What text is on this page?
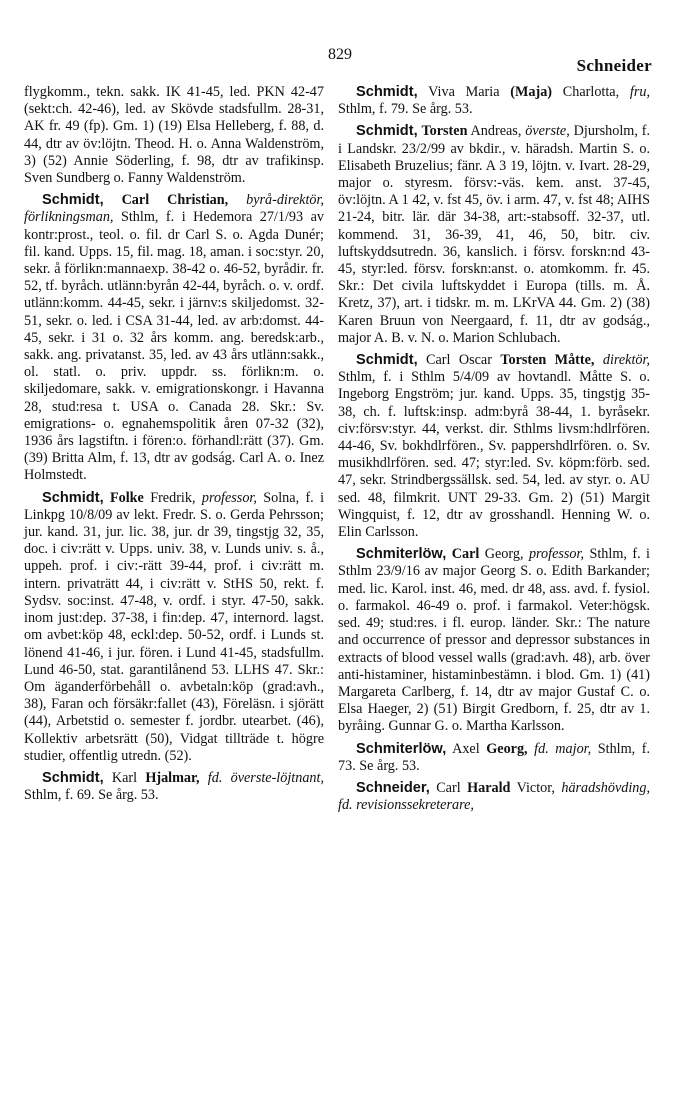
829
Schneider

flygkomm., tekn. sakk. IK 41-45, led. PKN 42-47 (sekt:ch. 42-46), led. av Skövde stadsfullm. 28-31, AK fr. 49 (fp). Gm. 1) (19) Elsa Helleberg, f. 88, d. 44, dtr av öv:löjtn. Theod. H. o. Anna Waldenström, 3) (52) Annie Söderling, f. 98, dtr av trafikinsp. Sven Sundberg o. Fanny Waldenström.

Schmidt, Carl Christian, byrå-direktör, förlikningsman, Sthlm, f. i Hedemora 27/1/93 av kontr:prost., teol. o. fil. dr Carl S. o. Agda Dunér; fil. kand. Upps. 15, fil. mag. 18, aman. i soc:styr. 20, sekr. å förlikn:mannaexp. 38-42 o. 46-52, byrådir. fr. 52, tf. byråch. utlänn:byrån 42-44, byråch. o. v. ordf. utlänn:komm. 44-45, sekr. i järnv:s skiljedomst. 32-51, sekr. o. led. i CSA 31-44, led. av arb:domst. 44-45, sekr. i 31 o. 32 års komm. ang. beredsk:arb., sakk. ang. privatanst. 35, led. av 43 års utlänn:sakk., ol. statl. o. priv. uppdr. ss. förlikn:m. o. skiljedomare, sakk. v. emigrationskongr. i Havanna 28, stud:resa t. USA o. Canada 28. Skr.: Sv. emigrations- o. egnahemspolitik åren 07-32 (32), 1936 års lagstiftn. i fören:o. förhandl:rätt (37). Gm. (39) Britta Alm, f. 13, dtr av godság. Carl A. o. Inez Holmstedt.

Schmidt, Folke Fredrik, professor, Solna, f. i Linkpg 10/8/09 av lekt. Fredr. S. o. Gerda Pehrsson; jur. kand. 31, jur. lic. 38, jur. dr 39, tingstjg 32, 35, doc. i civ:rätt v. Upps. univ. 38, v. Lunds univ. s. å., uppeh. prof. i civ:-rätt 39-44, prof. i civ:rätt m. intern. privaträtt 44, i civ:rätt v. StHS 50, rekt. f. Sydsv. soc:inst. 47-48, v. ordf. i styr. 47-50, sakk. inom just:dep. 37-38, i fin:dep. 47, internord. lagst. om avbet:köp 48, eckl:dep. 50-52, ordf. i Lunds st. lönend 41-46, i jur. fören. i Lund 41-45, stadsfullm. Lund 46-50, stat. garantilånend 53. LLHS 47. Skr.: Om äganderförbehåll o. avbetaln:köp (grad:avh., 38), Faran och försäkr:fallet (43), Föreläsn. i sjörätt (44), Arbetstid o. semester f. jordbr. utearbet. (46), Kollektiv arbetsrätt (50), Vidgat tillträde t. högre studier, offentlig utredn. (52).

Schmidt, Karl Hjalmar, fd. överste-löjtnant, Sthlm, f. 69. Se årg. 53.

Schmidt, Viva Maria (Maja) Charlotta, fru, Sthlm, f. 79. Se årg. 53.

Schmidt, Torsten Andreas, överste, Djursholm, f. i Landskr. 23/2/99 av bkdir., v. häradsh. Martin S. o. Elisabeth Bruzelius; fänr. A 3 19, löjtn. v. Ivart. 28-29, major o. styresm. försv:-väs. kem. anst. 37-45, öv:löjtn. A 1 42, v. fst 45, öv. i arm. 47, v. fst 48; AIHS 21-24, bitr. lär. där 34-38, art:-stabsoff. 32-37, utl. kommend. 31, 36-39, 41, 46, 50, bitr. civ. luftskyddsutredn. 36, kanslich. i försv. forskn:nd 43-45, styr:led. försv. forskn:anst. o. atomkomm. fr. 45. Skr.: Det civila luftskyddet i Europa (tills. m. Å. Kretz, 37), art. i tidskr. m. m. LKrVA 44. Gm. 2) (38) Karen Bruun von Neergaard, f. 11, dtr av godság., major A. B. v. N. o. Marion Schlubach.

Schmidt, Carl Oscar Torsten Måtte, direktör, Sthlm, f. i Sthlm 5/4/09 av hovtandl. Måtte S. o. Ingeborg Engström; jur. kand. Upps. 35, tingstjg 35-38, ch. f. luftsk:insp. adm:byrå 38-44, 1. byråsekr. civ:försv:styr. 44, verkst. dir. Sthlms livsm:hdlrfören. 44-46, Sv. bokhdlrfören., Sv. pappershdlrfören. o. Sv. musikhdlrfören. sed. 47; styr:led. Sv. köpm:förb. sed. 47, sekr. Strindbergssällsk. sed. 54, led. av styr. o. AU sed. 48, filmkrit. UNT 29-33. Gm. 2) (51) Margit Wingquist, f. 12, dtr av grosshandl. Henning W. o. Elin Carlsson.

Schmiterlöw, Carl Georg, professor, Sthlm, f. i Sthlm 23/9/16 av major Georg S. o. Edith Barkander; med. lic. Karol. inst. 46, med. dr 48, ass. avd. f. fysiol. o. farmakol. 46-49 o. prof. i farmakol. Veter:högsk. sed. 49; stud:res. i fl. europ. länder. Skr.: The nature and occurrence of pressor and depressor substances in extracts of blood vessel walls (grad:avh. 48), arb. över anti-histaminer, histaminbestämn. i blod. Gm. 1) (41) Margareta Carlberg, f. 14, dtr av major Gustaf C. o. Elsa Haeger, 2) (51) Birgit Gredborn, f. 25, dtr av 1. byråing. Gunnar G. o. Martha Karlsson.

Schmiterlöw, Axel Georg, fd. major, Sthlm, f. 73. Se årg. 53.

Schneider, Carl Harald Victor, häradshövding, fd. revisionssekreterare,
